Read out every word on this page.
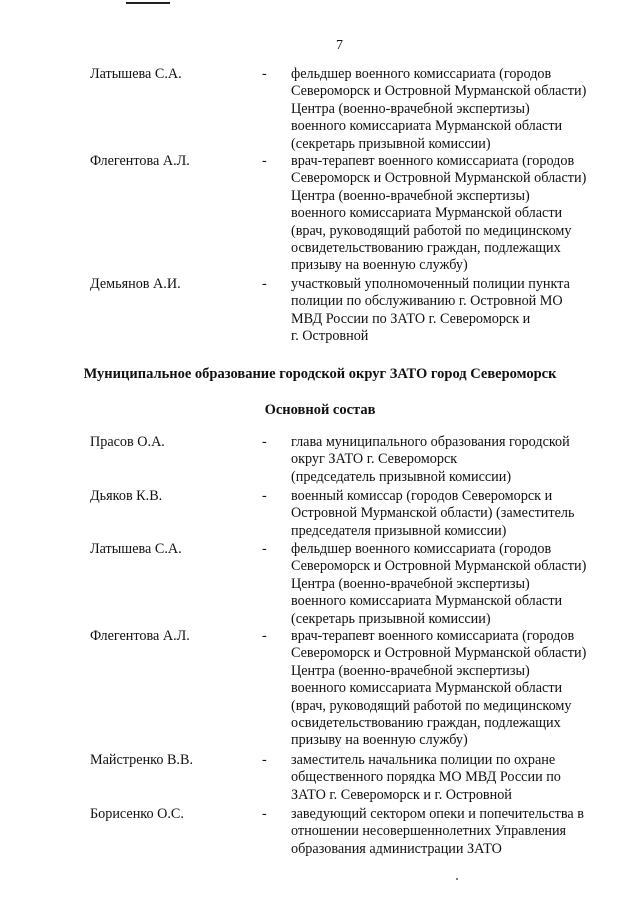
7
Латышева С.А.	- фельдшер военного комиссариата (городов
Североморск и Островной Мурманской области)
Центра (военно-врачебной экспертизы)
военного комиссариата Мурманской области
(секретарь призывной комиссии)
Флегентова А.Л.	- врач-терапевт военного комиссариата (городов
Североморск и Островной Мурманской области)
Центра (военно-врачебной экспертизы)
военного комиссариата Мурманской области
(врач, руководящий работой по медицинскому
освидетельствованию граждан, подлежащих
призыву на военную службу)
Демьянов А.И.	- участковый уполномоченный полиции пункта
полиции по обслуживанию г. Островной МО
МВД России по ЗАТО г. Североморск и
г. Островной
Муниципальное образование городской округ ЗАТО город Североморск
Основной состав
Прасов О.А.	- глава муниципального образования городской
округ ЗАТО г. Североморск
(председатель призывной комиссии)
Дьяков К.В.	- военный комиссар (городов Североморск и
Островной Мурманской области) (заместитель
председателя призывной комиссии)
Латышева С.А.	- фельдшер военного комиссариата (городов
Североморск и Островной Мурманской области)
Центра (военно-врачебной экспертизы)
военного комиссариата Мурманской области
(секретарь призывной комиссии)
Флегентова А.Л.	- врач-терапевт военного комиссариата (городов
Североморск и Островной Мурманской области)
Центра (военно-врачебной экспертизы)
военного комиссариата Мурманской области
(врач, руководящий работой по медицинскому
освидетельствованию граждан, подлежащих
призыву на военную службу)
Майстренко В.В.	- заместитель начальника полиции по охране
общественного порядка МО МВД России по
ЗАТО г. Североморск и г. Островной
Борисенко О.С.	- заведующий сектором опеки и попечительства в
отношении несовершеннолетних Управления
образования администрации ЗАТО
